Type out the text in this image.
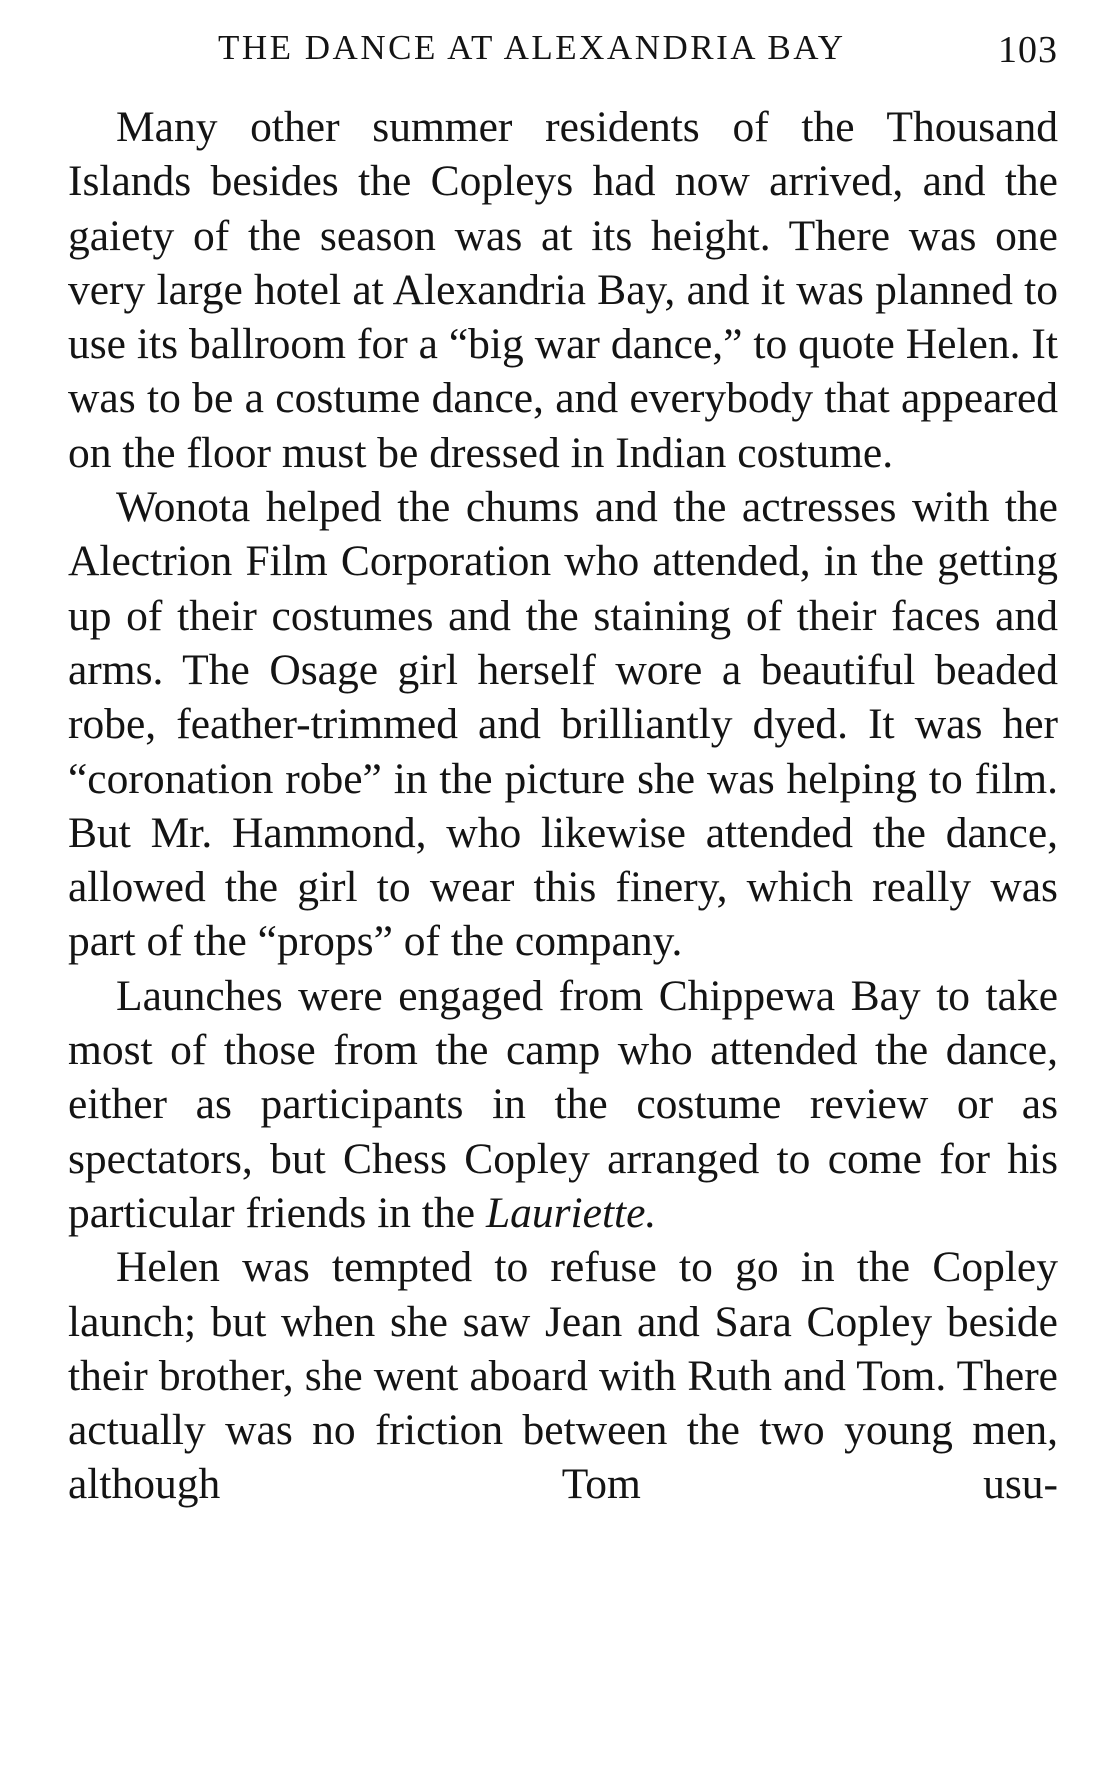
THE DANCE AT ALEXANDRIA BAY	103

Many other summer residents of the Thousand Islands besides the Copleys had now arrived, and the gaiety of the season was at its height. There was one very large hotel at Alexandria Bay, and it was planned to use its ballroom for a “big war dance,” to quote Helen. It was to be a costume dance, and everybody that appeared on the floor must be dressed in Indian costume.

Wonota helped the chums and the actresses with the Alectrion Film Corporation who attended, in the getting up of their costumes and the staining of their faces and arms. The Osage girl herself wore a beautiful beaded robe, feather-trimmed and brilliantly dyed. It was her “coronation robe” in the picture she was helping to film. But Mr. Hammond, who likewise attended the dance, allowed the girl to wear this finery, which really was part of the “props” of the company.

Launches were engaged from Chippewa Bay to take most of those from the camp who attended the dance, either as participants in the costume review or as spectators, but Chess Copley arranged to come for his particular friends in the Lauriette.

Helen was tempted to refuse to go in the Copley launch; but when she saw Jean and Sara Copley beside their brother, she went aboard with Ruth and Tom. There actually was no friction between the two young men, although Tom usu-
